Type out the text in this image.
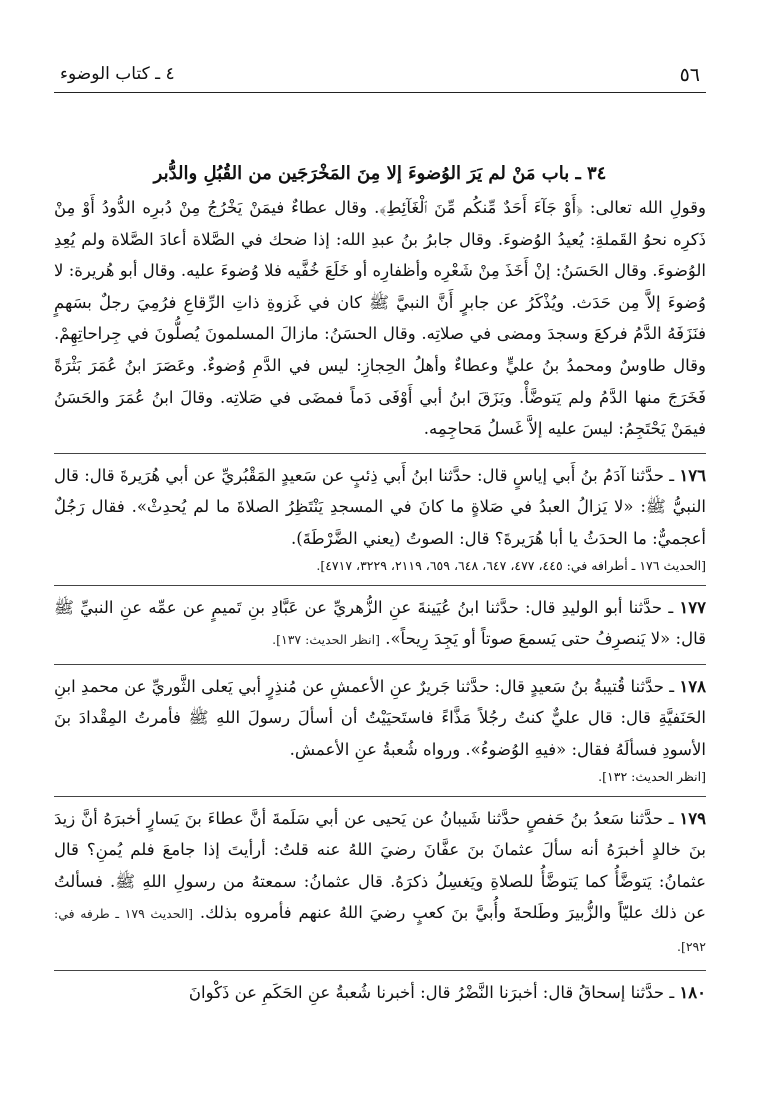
٥٦
٤ ـ كتاب الوضوء
٣٤ ـ باب مَنْ لم يَرَ الوُضوءَ إلا مِنَ المَخْرَجَين من القُبُلِ والدُّبر

وقولِ الله تعالى: ﴿أَوْ جَآءَ أَحَدٌ مِّنكُم مِّنَ ٱلْغَآئِطِ﴾. وقال عطاءٌ فيمَنْ يَخْرُجُ مِنْ دُبرِه الدُّودُ أَوْ مِنْ ذَكرِه نحوُ القَملةِ: يُعيدُ الوُضوءَ. وقال جابرُ بنُ عبدِ الله: إذا ضحك في الصَّلاة أعادَ الصَّلاة ولم يُعِدِ الوُضوءَ. وقال الحَسَنُ: إنْ أَخَذَ مِنْ شَعْرِه وأظفارِه أو خَلَعَ خُفَّيه فلا وُضوءَ عليه. وقال أبو هُريرة: لا وُضوءَ إلاَّ مِن حَدَث. ويُذْكَرُ عن جابرٍ أَنَّ النبيَّ ﷺ كان في غَزوةِ ذاتِ الرِّقاعِ فرُمِيَ رجلٌ بسَهمٍ فنَزَفَهُ الدَّمُ فركعَ وسجدَ ومضى في صلاتِه. وقال الحسَنُ: مازالَ المسلمونَ يُصلُّونَ في جِراحاتِهِمْ. وقال طاوسٌ ومحمدُ بنُ عليٍّ وعطاءٌ وأهلُ الحِجازِ: ليس في الدَّمِ وُضوءٌ. وعَصَرَ ابنُ عُمَرَ بَثْرَةً فَخَرَجَ منها الدَّمُ ولم يَتوضَّأْ. وبَزَقَ ابنُ أبي أَوْفَى دَماً فمضَى في صَلاتِه. وقالَ ابنُ عُمَرَ والحَسَنُ فيمَنْ يَحْتَجِمُ: ليسَ عليه إلاَّ غَسلُ مَحاجِمِه.

١٧٦ ـ حدَّثنا آدَمُ بنُ أَبي إياسٍ قال: حدَّثنا ابنُ أَبي ذِئبٍ عن سَعيدٍ المَقْبُريِّ عن أبي هُرَيرةَ قال: قال النبيُّ ﷺ: «لا يَزالُ العبدُ في صَلاةٍ ما كانَ في المسجدِ يَنْتَظِرُ الصلاةَ ما لم يُحدِثْ». فقال رَجُلٌ أعجميٌّ: ما الحدَثُ يا أبا هُرَيرةَ؟ قال: الصوتُ (يعني الضَّرْطَةَ).

[الحديث ١٧٦ ـ أطرافه في: ٤٤٥، ٤٧٧، ٦٤٧، ٦٤٨، ٦٥٩، ٢١١٩، ٣٢٢٩، ٤٧١٧].

١٧٧ ـ حدَّثنا أبو الوليدِ قال: حدَّثنا ابنُ عُيَينةَ عنِ الزُّهريِّ عن عَبَّادِ بنِ تَميمٍ عن عمِّه عنِ النبيِّ ﷺ قال: «لا يَنصرِفُ حتى يَسمعَ صوتاً أو يَجِدَ رِيحاً». [انظر الحديث: ١٣٧].

١٧٨ ـ حدَّثنا قُتيبةُ بنُ سَعيدٍ قال: حدَّثنا جَريرٌ عنِ الأعمشِ عن مُنذِرٍ أبي يَعلى الثَّوريِّ عن محمدِ ابنِ الحَنَفيَّةِ قال: قال عليٌّ كنتُ رجُلاً مَذَّاءً فاستَحيَيْتُ أن أسألَ رسولَ اللهِ ﷺ فأمرتُ المِقْدادَ بنَ الأسودِ فسألَهُ فقال: «فيهِ الوُضوءُ». ورواه شُعبةُ عنِ الأعمش.

[انظر الحديث: ١٣٢].

١٧٩ ـ حدَّثنا سَعدُ بنُ حَفصٍ حدَّثنا شَيبانُ عن يَحيى عن أبي سَلَمةَ أنَّ عطاءَ بنَ يَسارٍ أخبرَهُ أنَّ زيدَ بنَ خالدٍ أخبرَهُ أنه سألَ عثمانَ بنَ عفَّانَ رضيَ اللهُ عنه قلتُ: أرأيتَ إذا جامعَ فلم يُمنِ؟ قال عثمانُ: يَتوضَّأُ كما يَتوضَّأُ للصلاةِ ويَغسِلُ ذكرَهُ. قال عثمانُ: سمعتهُ من رسولِ اللهِ ﷺ. فسألتُ عن ذلك عليّاً والزُّبيرَ وطَلحةَ وأُبيَّ بنَ كعبٍ رضيَ اللهُ عنهم فأمروه بذلك. [الحديث ١٧٩ ـ طرفه في: ٢٩٢].

١٨٠ ـ حدَّثنا إسحاقُ قال: أخبرَنا النَّضْرُ قال: أخبرنا شُعبةُ عنِ الحَكَمِ عن ذَكْوانَ
